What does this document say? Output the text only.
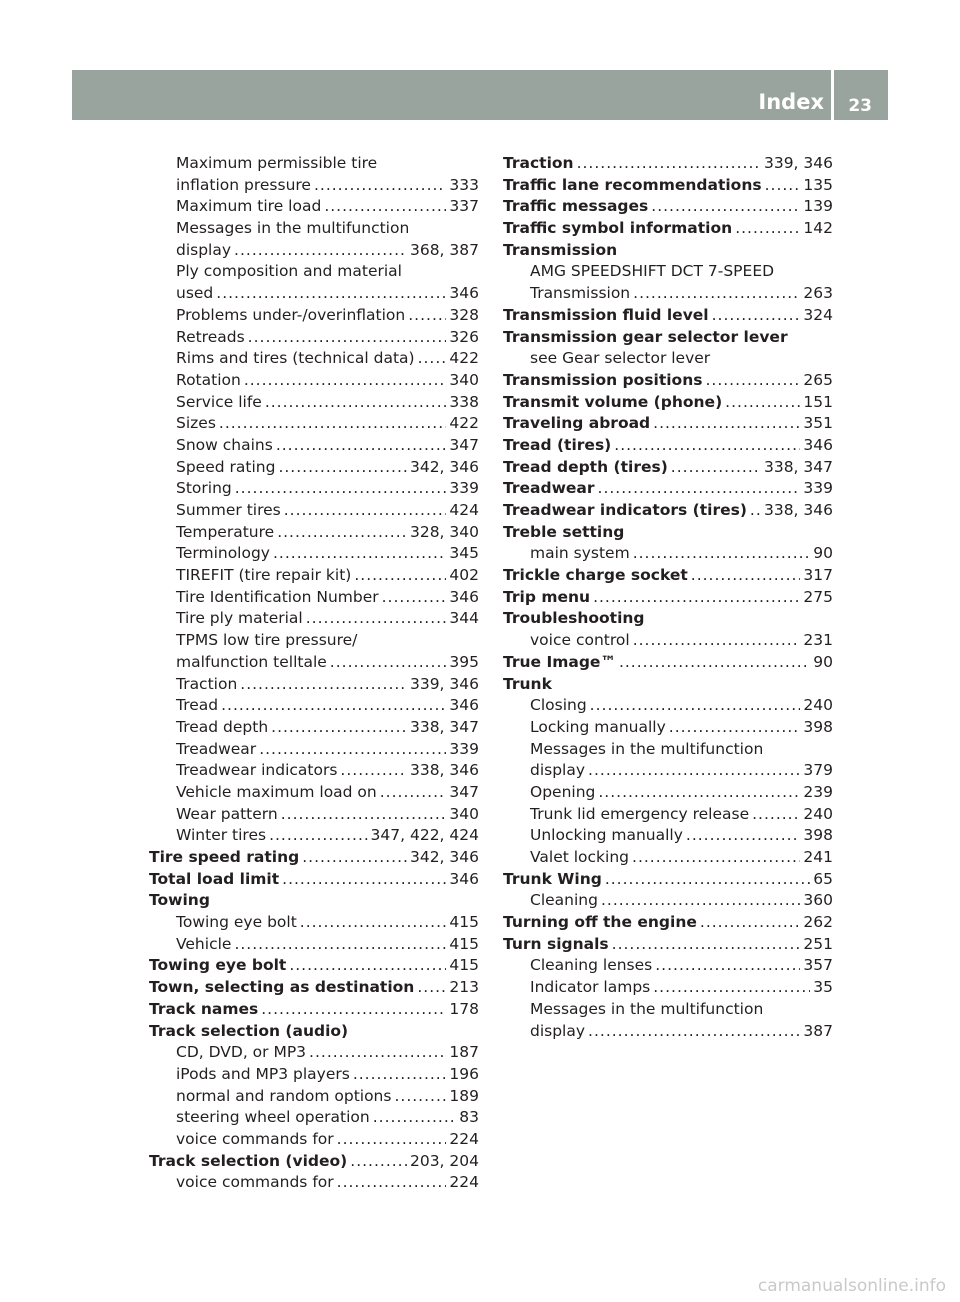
Index 23
Maximum permissible tire
inflation pressure .....	333
Maximum tire load .....	337
Messages in the multifunction
display .....	368, 387
Ply composition and material
used .....	346
Problems under-/overinflation .....	328
Retreads .....	326
Rims and tires (technical data) ..... 422
Rotation .....	340
Service life .....	338
Sizes .....	422
Snow chains .....	347
Speed rating .....	342, 346
Storing .....	339
Summer tires .....	424
Temperature .....	328, 340
Terminology .....	345
TIREFIT (tire repair kit) .....	402
Tire Identification Number .....	346
Tire ply material .....	344
TPMS low tire pressure/
malfunction telltale .....	395
Traction .....	339, 346
Tread .....	346
Tread depth .....	338, 347
Treadwear .....	339
Treadwear indicators .....	338, 346
Vehicle maximum load on .....	347
Wear pattern .....	340
Winter tires .....	347, 422, 424
Tire speed rating .....	342, 346
Total load limit .....	346
Towing
Towing eye bolt .....	415
Vehicle .....	415
Towing eye bolt .....	415
Town, selecting as destination ..... 213
Track names .....	178
Track selection (audio)
CD, DVD, or MP3 .....	187
iPods and MP3 players .....	196
normal and random options .....	189
steering wheel operation .....	83
voice commands for .....	224
Track selection (video) .....	203, 204
voice commands for .....	224
Traction .....	339, 346
Traffic lane recommendations .....	135
Traffic messages .....	139
Traffic symbol information .....	142
Transmission
AMG SPEEDSHIFT DCT 7-SPEED
Transmission .....	263
Transmission fluid level .....	324
Transmission gear selector lever
see Gear selector lever
Transmission positions .....	265
Transmit volume (phone) .....	151
Traveling abroad .....	351
Tread (tires) .....	346
Tread depth (tires) .....	338, 347
Treadwear .....	339
Treadwear indicators (tires) ..... 338, 346
Treble setting
main system .....	90
Trickle charge socket .....	317
Trip menu .....	275
Troubleshooting
voice control .....	231
True Image™ .....	90
Trunk
Closing .....	240
Locking manually .....	398
Messages in the multifunction
display .....	379
Opening .....	239
Trunk lid emergency release .....	240
Unlocking manually .....	398
Valet locking .....	241
Trunk Wing .....	65
Cleaning .....	360
Turning off the engine .....	262
Turn signals .....	251
Cleaning lenses .....	357
Indicator lamps .....	35
Messages in the multifunction
display .....	387
carmanualsonline.info
